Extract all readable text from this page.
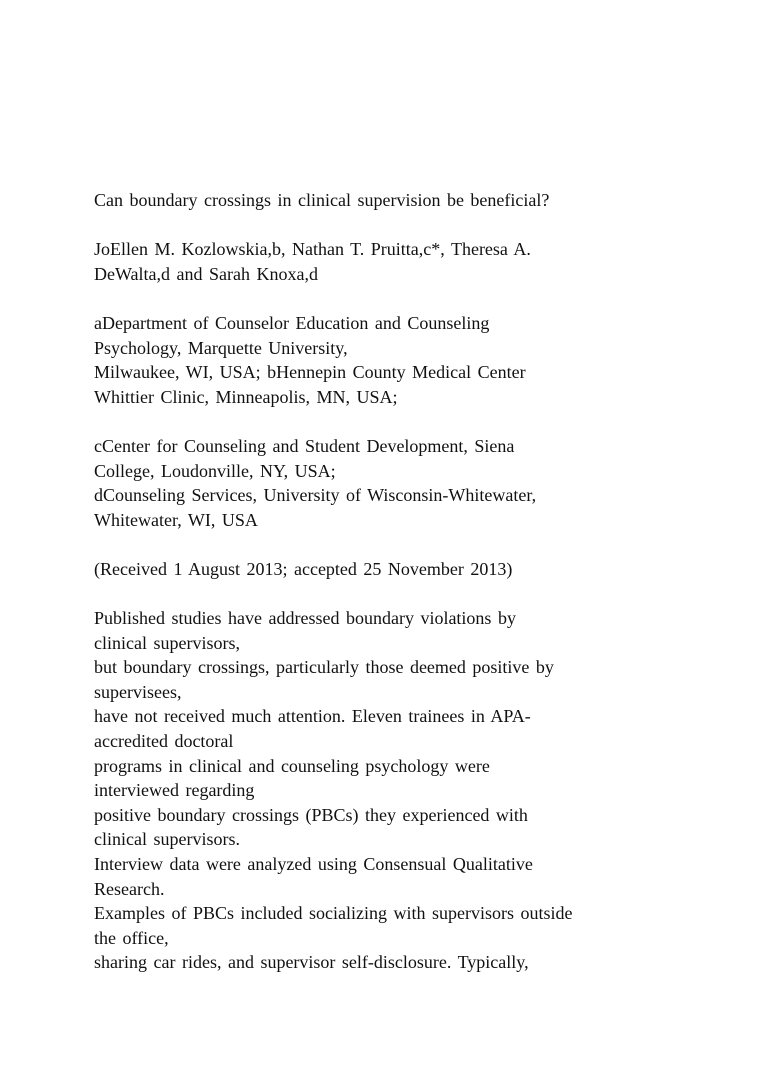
Can boundary crossings in clinical supervision be beneficial?
JoEllen M. Kozlowskia,b, Nathan T. Pruitta,c*, Theresa A.
DeWalta,d and Sarah Knoxa,d
aDepartment of Counselor Education and Counseling
Psychology, Marquette University,
Milwaukee, WI, USA; bHennepin County Medical Center
Whittier Clinic, Minneapolis, MN, USA;
cCenter for Counseling and Student Development, Siena
College, Loudonville, NY, USA;
dCounseling Services, University of Wisconsin-Whitewater,
Whitewater, WI, USA
(Received 1 August 2013; accepted 25 November 2013)
Published studies have addressed boundary violations by
clinical supervisors,
but boundary crossings, particularly those deemed positive by
supervisees,
have not received much attention. Eleven trainees in APA-
accredited doctoral
programs in clinical and counseling psychology were
interviewed regarding
positive boundary crossings (PBCs) they experienced with
clinical supervisors.
Interview data were analyzed using Consensual Qualitative
Research.
Examples of PBCs included socializing with supervisors outside
the office,
sharing car rides, and supervisor self-disclosure. Typically,
